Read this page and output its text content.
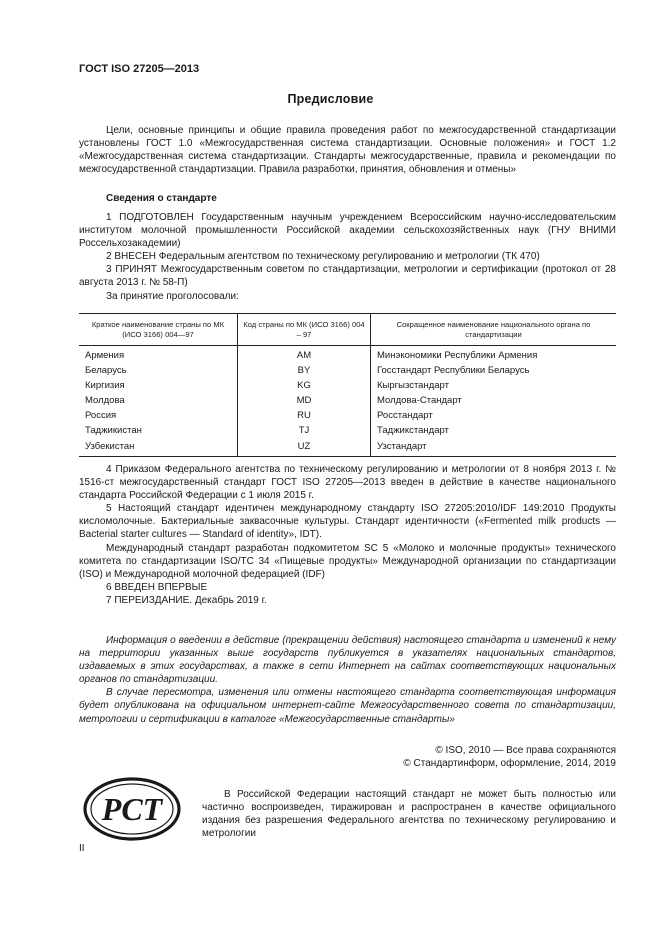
ГОСТ ISO 27205—2013
Предисловие
Цели, основные принципы и общие правила проведения работ по межгосударственной стандартизации установлены ГОСТ 1.0 «Межгосударственная система стандартизации. Основные положения» и ГОСТ 1.2 «Межгосударственная система стандартизации. Стандарты межгосударственные, правила и рекомендации по межгосударственной стандартизации. Правила разработки, принятия, обновления и отмены»
Сведения о стандарте
1 ПОДГОТОВЛЕН Государственным научным учреждением Всероссийским научно-исследовательским институтом молочной промышленности Российской академии сельскохозяйственных наук (ГНУ ВНИМИ Россельхозакадемии)
2 ВНЕСЕН Федеральным агентством по техническому регулированию и метрологии (ТК 470)
3 ПРИНЯТ Межгосударственным советом по стандартизации, метрологии и сертификации (протокол от 28 августа 2013 г. № 58-П)
За принятие проголосовали:
Краткое наименование страны по МК (ИСО 3166) 004—97	Код страны по МК (ИСО 3166) 004 – 97	Сокращенное наименование национального органа по стандартизации
Армения	AM	Минэкономики Республики Армения
Беларусь	BY	Госстандарт Республики Беларусь
Киргизия	KG	Кыргызстандарт
Молдова	MD	Молдова-Стандарт
Россия	RU	Росстандарт
Таджикистан	TJ	Таджикстандарт
Узбекистан	UZ	Узстандарт
4 Приказом Федерального агентства по техническому регулированию и метрологии от 8 ноября 2013 г. № 1516-ст межгосударственный стандарт ГОСТ ISO 27205—2013 введен в действие в качестве национального стандарта Российской Федерации с 1 июля 2015 г.
5 Настоящий стандарт идентичен международному стандарту ISO 27205:2010/IDF 149:2010 Продукты кисломолочные. Бактериальные заквасочные культуры. Стандарт идентичности («Fermented milk products — Bacterial starter cultures — Standard of identity», IDT).
Международный стандарт разработан подкомитетом SC 5 «Молоко и молочные продукты» технического комитета по стандартизации ISO/TC 34 «Пищевые продукты» Международной организации по стандартизации (ISO) и Международной молочной федерацией (IDF)
6 ВВЕДЕН ВПЕРВЫЕ
7 ПЕРЕИЗДАНИЕ. Декабрь 2019 г.
Информация о введении в действие (прекращении действия) настоящего стандарта и изменений к нему на территории указанных выше государств публикуется в указателях национальных стандартов, издаваемых в этих государствах, а также в сети Интернет на сайтах соответствующих национальных органов по стандартизации.
В случае пересмотра, изменения или отмены настоящего стандарта соответствующая информация будет опубликована на официальном интернет-сайте Межгосударственного совета по стандартизации, метрологии и сертификации в каталоге «Межгосударственные стандарты»
© ISO, 2010 — Все права сохраняются
© Стандартинформ, оформление, 2014, 2019
РСТ	В Российской Федерации настоящий стандарт не может быть полностью или частично воспроизведен, тиражирован и распространен в качестве официального издания без разрешения Федерального агентства по техническому регулированию и метрологии
II
